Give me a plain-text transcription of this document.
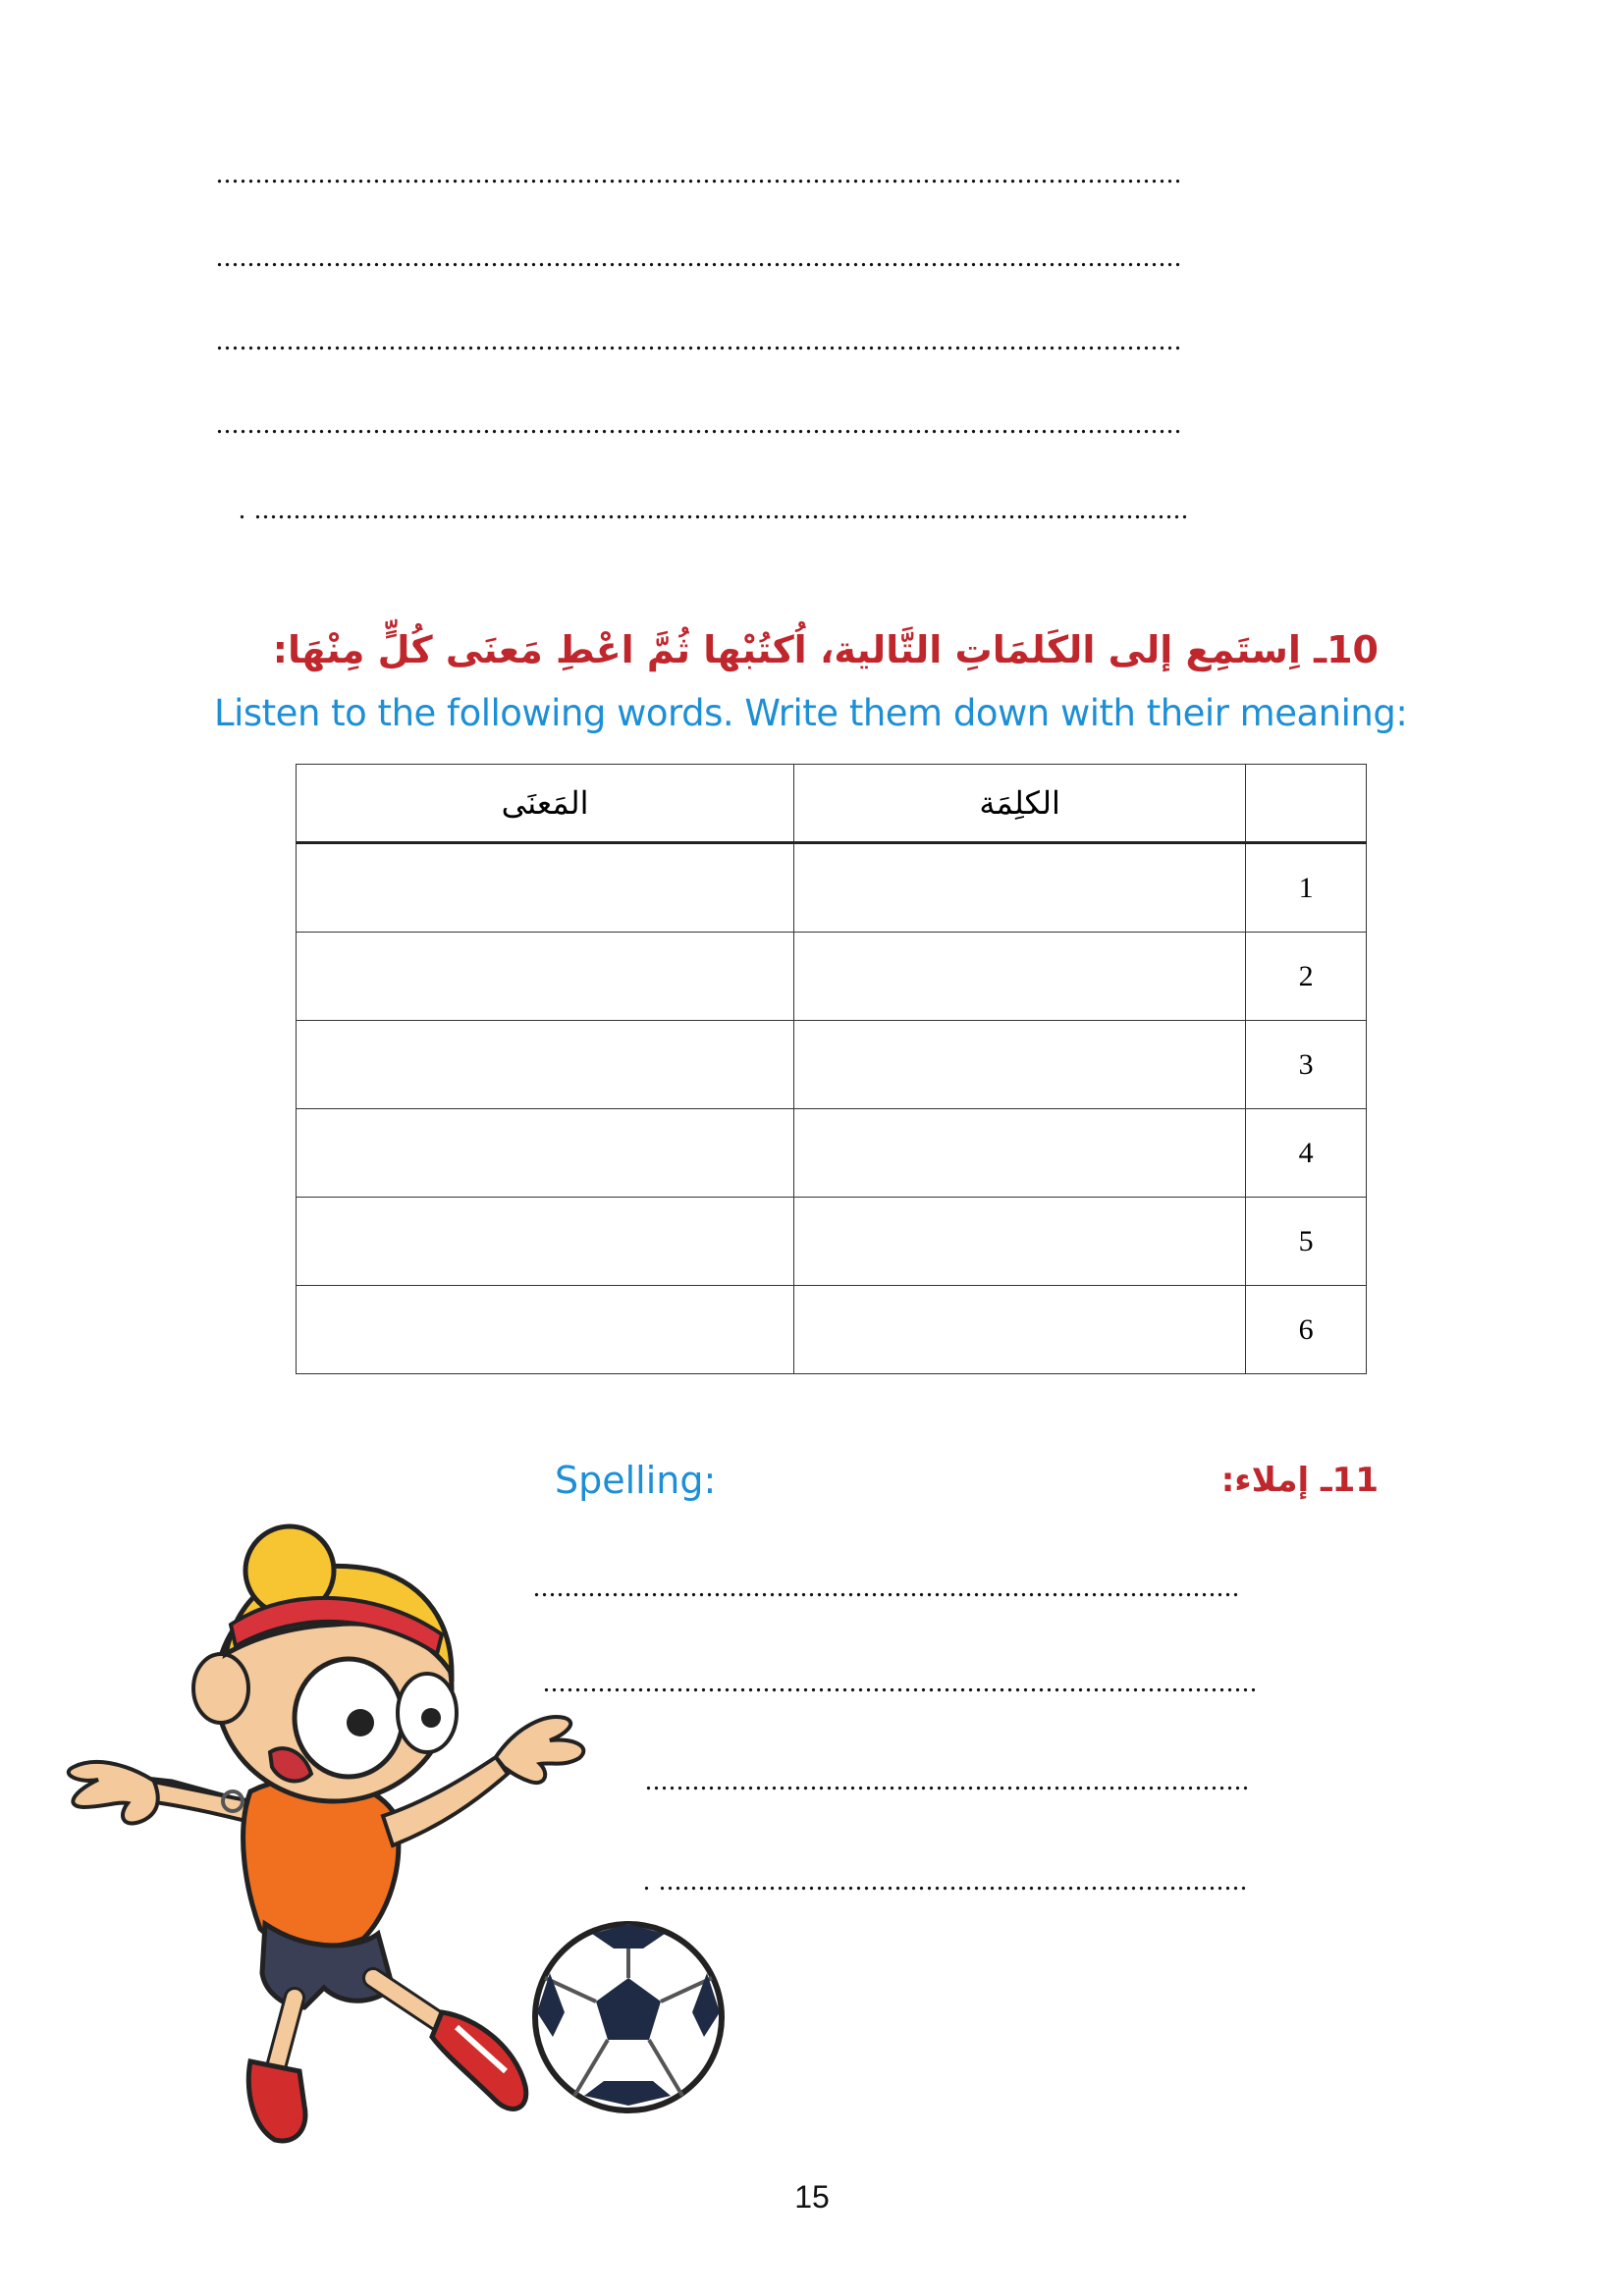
...........................................................................................................................
...........................................................................................................................
...........................................................................................................................
...........................................................................................................................
. .......................................................................................................................
10ـ اِستَمِع إلى الكَلمَاتِ التَّالية، اُكتُبْها ثُمَّ اعْطِ مَعنَى كُلٍّ مِنْهَا:
Listen to the following words. Write them down with their meaning:
المَعنَى	الكلِمَة	
		1
		2
		3
		4
		5
		6
Spelling:	11ـ إملاء:
..........................................................................................
...........................................................................................
.............................................................................
. ...........................................................................
15
